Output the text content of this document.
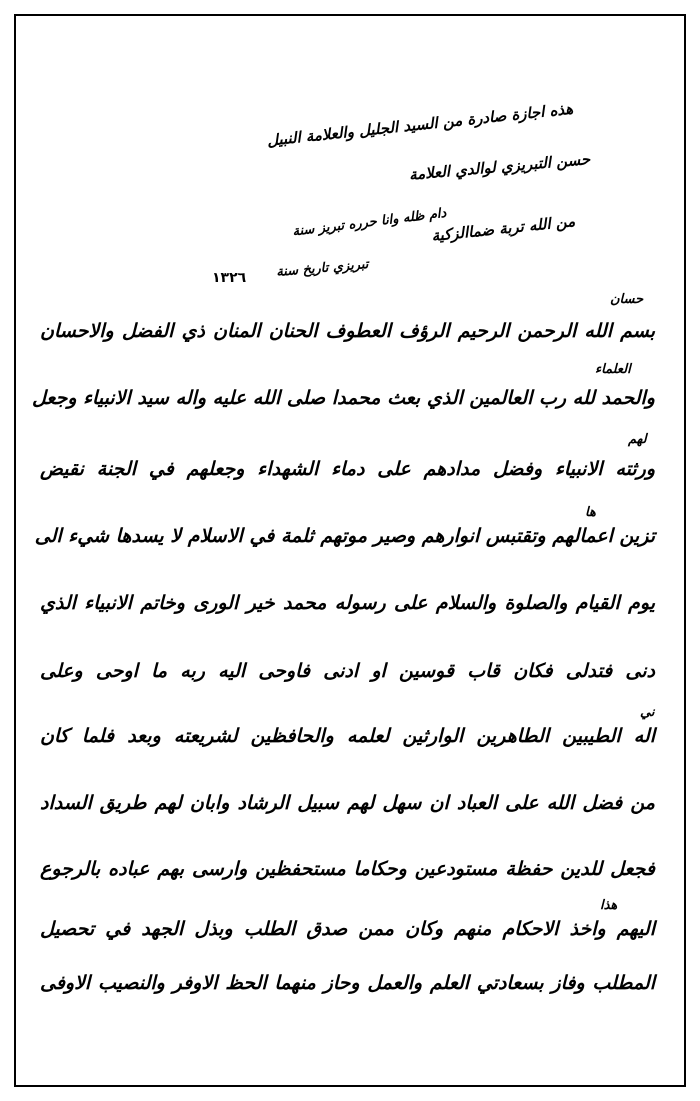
هذه اجازة صادرة من السيد الجليل والعلامة النبيل
حسن التبريزي لوالدي العلامة
دام ظله وانا حرره تبريز سنة
من الله تربة ضماالزكية
تبريزي تاريخ سنة
١٣٢٦
بسم الله الرحمن الرحيم الرؤف العطوف الحنان المنان ذي الفضل والاحسان
والحمد لله رب العالمين الذي بعث محمدا صلى الله عليه واله سيد الانبياء وجعل
ورثته الانبياء وفضل مدادهم على دماء الشهداء وجعلهم في الجنة نقيض
تزين اعمالهم وتقتبس انوارهم وصير موتهم ثلمة في الاسلام لا يسدها شيء الى
يوم القيام والصلوة والسلام على رسوله محمد خير الورى وخاتم الانبياء الذي
دنى فتدلى فكان قاب قوسين او ادنى فاوحى اليه ربه ما اوحى وعلى
اله الطيبين الطاهرين الوارثين لعلمه والحافظين لشريعته وبعد فلما كان
من فضل الله على العباد ان سهل لهم سبيل الرشاد وابان لهم طريق السداد
فجعل للدين حفظة مستودعين وحكاما مستحفظين وارسى بهم عباده بالرجوع
اليهم واخذ الاحكام منهم وكان ممن صدق الطلب وبذل الجهد في تحصيل
المطلب وفاز بسعادتي العلم والعمل وحاز منهما الحظ الاوفر والنصيب الاوفى
حسان
العلماء
لهم
ها
ني
هذا
